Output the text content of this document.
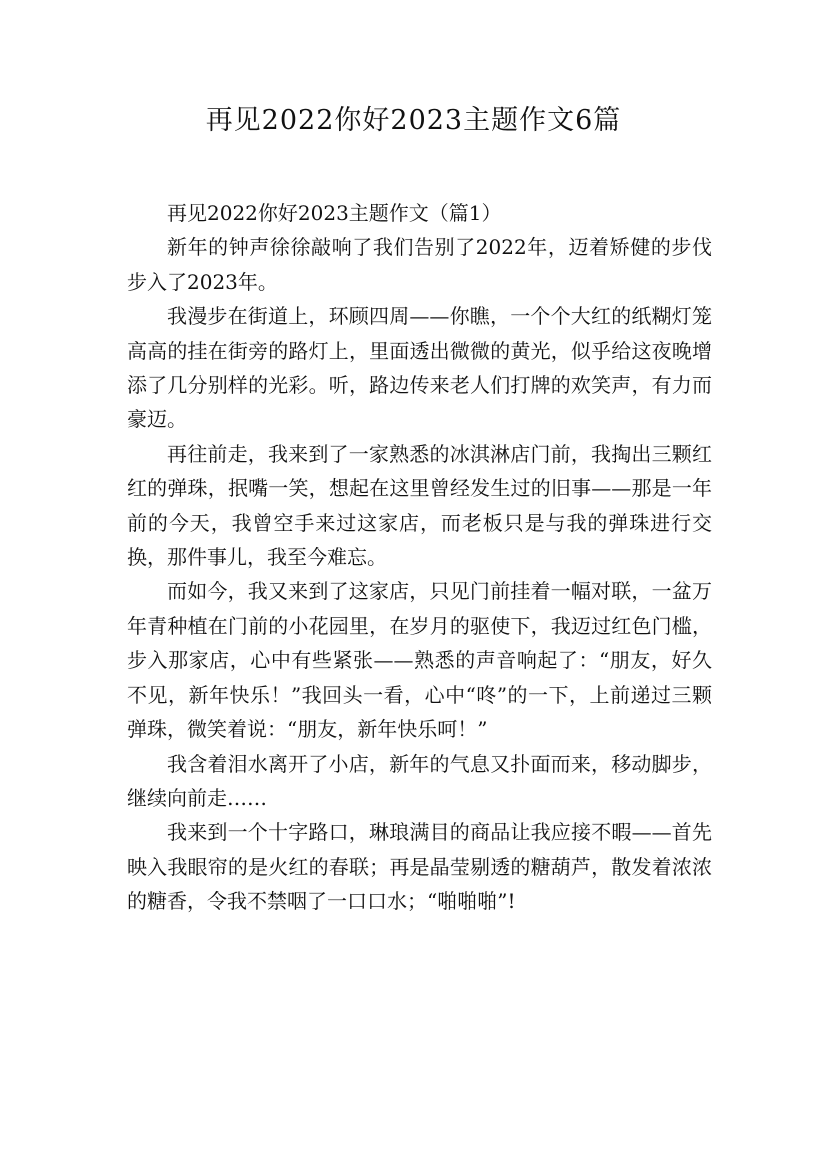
再见2022你好2023主题作文6篇

再见2022你好2023主题作文（篇1）

新年的钟声徐徐敲响了我们告别了2022年，迈着矫健的步伐步入了2023年。

我漫步在街道上，环顾四周——你瞧，一个个大红的纸糊灯笼高高的挂在街旁的路灯上，里面透出微微的黄光，似乎给这夜晚增添了几分别样的光彩。听，路边传来老人们打牌的欢笑声，有力而豪迈。

再往前走，我来到了一家熟悉的冰淇淋店门前，我掏出三颗红红的弹珠，抿嘴一笑，想起在这里曾经发生过的旧事——那是一年前的今天，我曾空手来过这家店，而老板只是与我的弹珠进行交换，那件事儿，我至今难忘。

而如今，我又来到了这家店，只见门前挂着一幅对联，一盆万年青种植在门前的小花园里，在岁月的驱使下，我迈过红色门槛，步入那家店，心中有些紧张——熟悉的声音响起了：“朋友，好久不见，新年快乐！”我回头一看，心中“咚”的一下，上前递过三颗弹珠，微笑着说：“朋友，新年快乐呵！”

我含着泪水离开了小店，新年的气息又扑面而来，移动脚步，继续向前走……

我来到一个十字路口，琳琅满目的商品让我应接不暇——首先映入我眼帘的是火红的春联；再是晶莹剔透的糖葫芦，散发着浓浓的糖香，令我不禁咽了一口口水；“啪啪啪”!
